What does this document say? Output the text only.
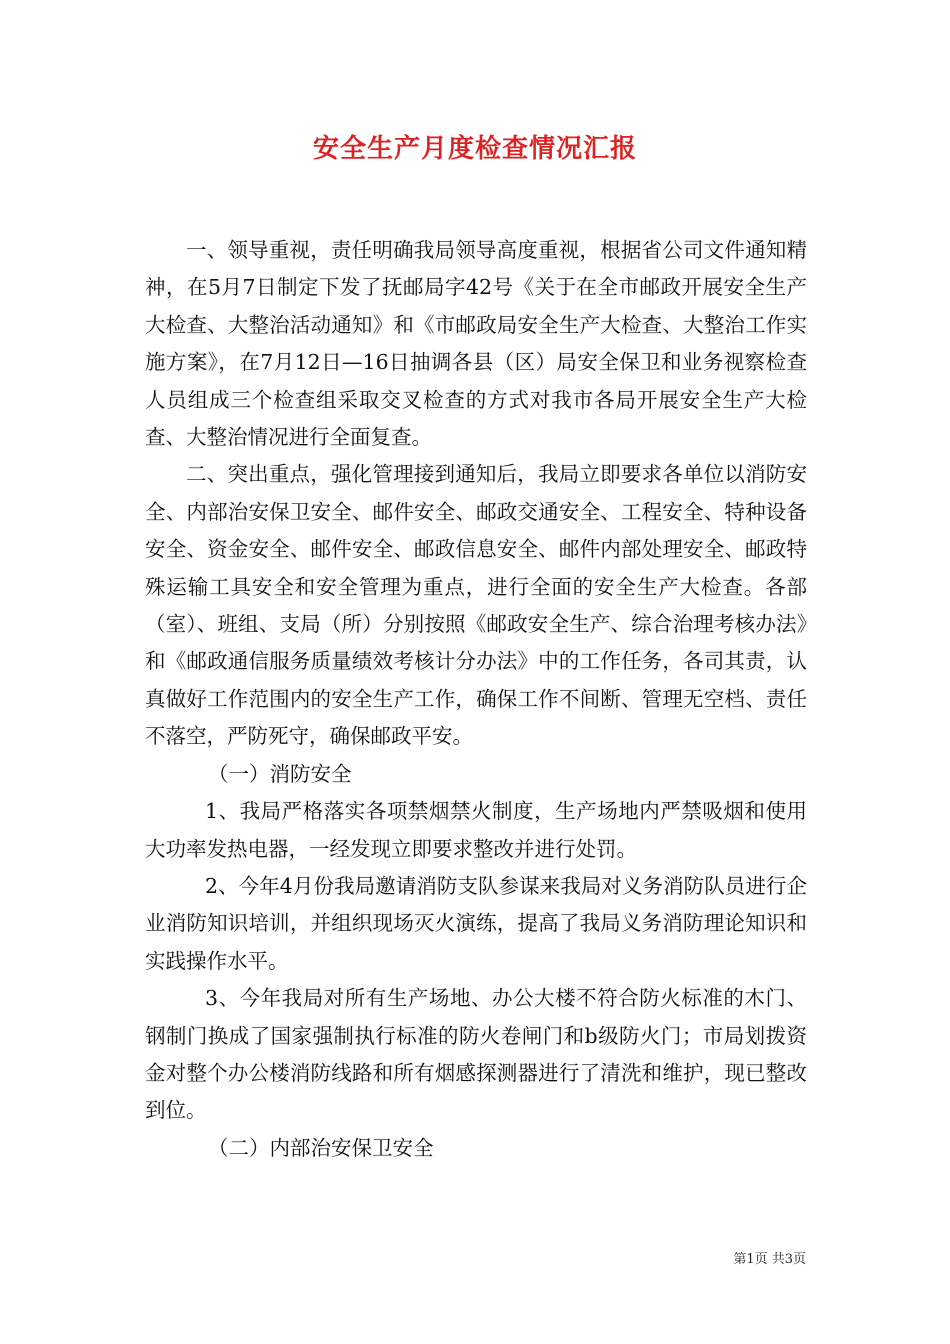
安全生产月度检查情况汇报

一、领导重视，责任明确我局领导高度重视，根据省公司文件通知精神，在5月7日制定下发了抚邮局字42号《关于在全市邮政开展安全生产大检查、大整治活动通知》和《市邮政局安全生产大检查、大整治工作实施方案》，在7月12日—16日抽调各县（区）局安全保卫和业务视察检查人员组成三个检查组采取交叉检查的方式对我市各局开展安全生产大检查、大整治情况进行全面复查。

二、突出重点，强化管理接到通知后，我局立即要求各单位以消防安全、内部治安保卫安全、邮件安全、邮政交通安全、工程安全、特种设备安全、资金安全、邮件安全、邮政信息安全、邮件内部处理安全、邮政特殊运输工具安全和安全管理为重点，进行全面的安全生产大检查。各部（室）、班组、支局（所）分别按照《邮政安全生产、综合治理考核办法》和《邮政通信服务质量绩效考核计分办法》中的工作任务，各司其责，认真做好工作范围内的安全生产工作，确保工作不间断、管理无空档、责任不落空，严防死守，确保邮政平安。

（一）消防安全

1、我局严格落实各项禁烟禁火制度，生产场地内严禁吸烟和使用大功率发热电器，一经发现立即要求整改并进行处罚。

2、今年4月份我局邀请消防支队参谋来我局对义务消防队员进行企业消防知识培训，并组织现场灭火演练，提高了我局义务消防理论知识和实践操作水平。

3、今年我局对所有生产场地、办公大楼不符合防火标准的木门、钢制门换成了国家强制执行标准的防火卷闸门和b级防火门；市局划拨资金对整个办公楼消防线路和所有烟感探测器进行了清洗和维护，现已整改到位。

（二）内部治安保卫安全

第1页 共3页
